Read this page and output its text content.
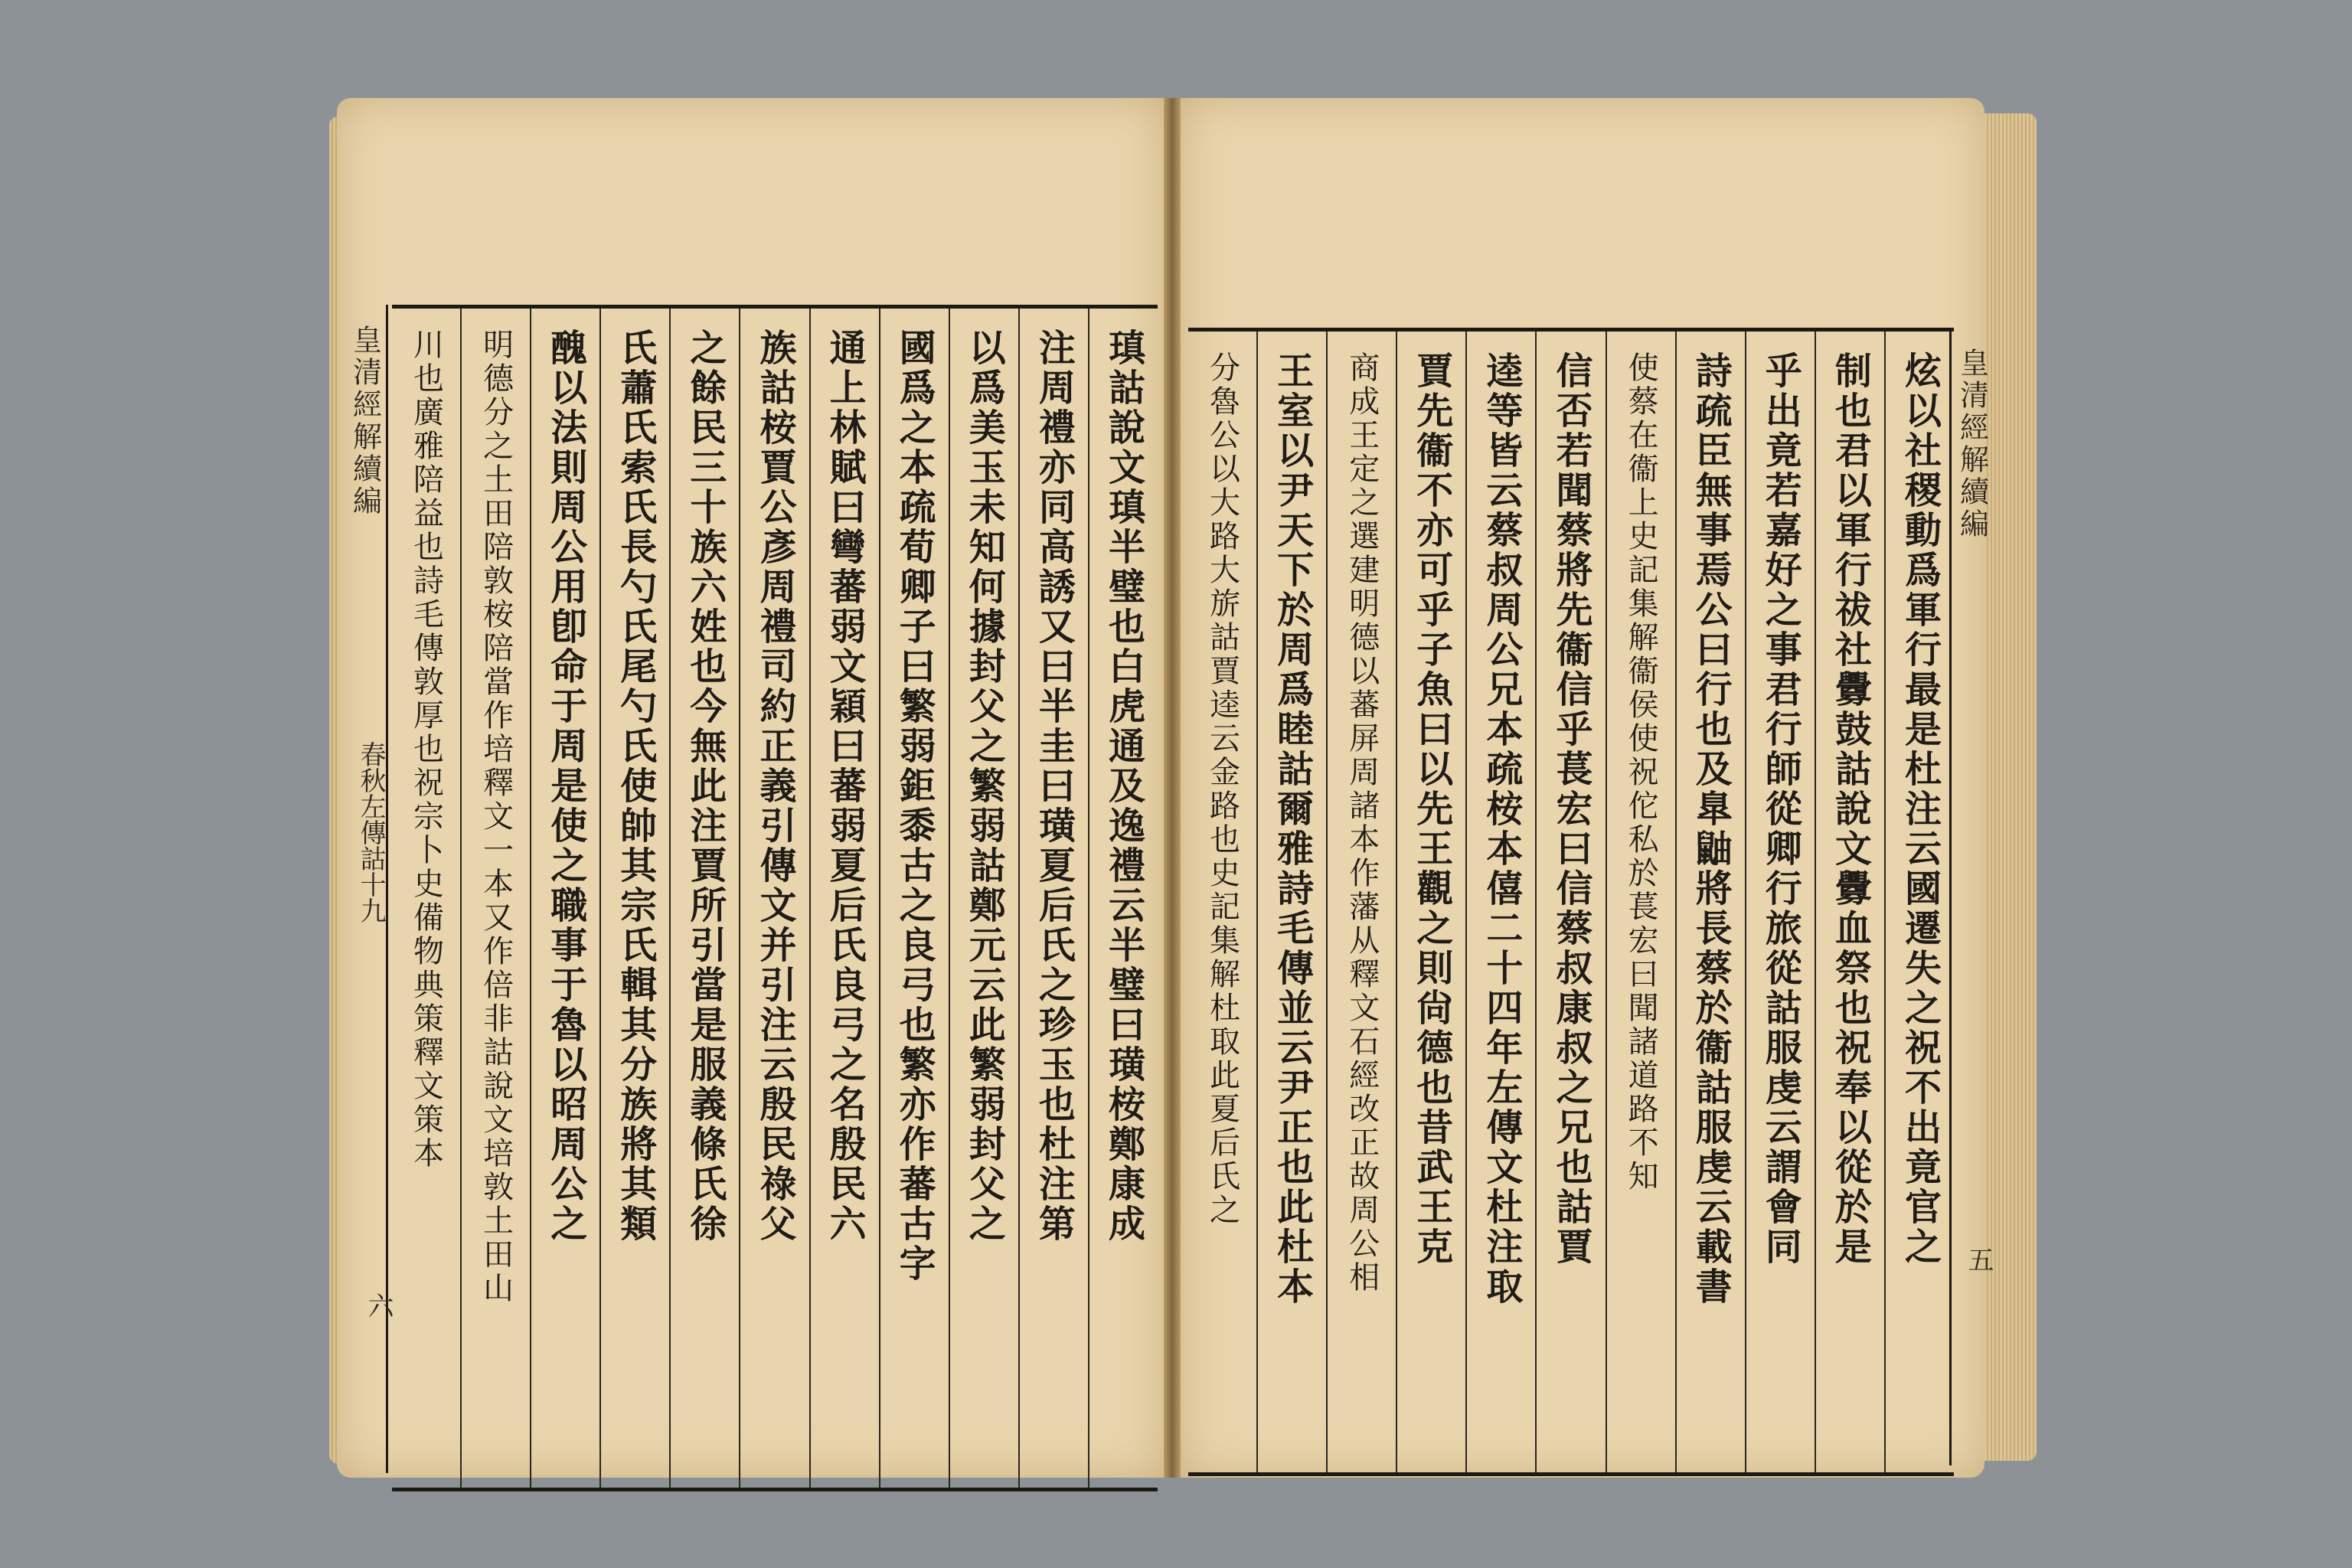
皇清經解續編
春秋左傳詁十九
六
瑱詁說文瑱半璧也白虎通及逸禮云半璧曰璜桉鄭康成
注周禮亦同高誘又曰半圭曰璜夏后氏之珍玉也杜注第
以爲美玉未知何據封父之繁弱詁鄭元云此繁弱封父之
國爲之本疏荀卿子曰繁弱鉅黍古之良弓也繁亦作蕃古字
通上林賦曰彎蕃弱文穎曰蕃弱夏后氏良弓之名殷民六
族詁桉賈公彥周禮司約正義引傳文并引注云殷民祿父
之餘民三十族六姓也今無此注賈所引當是服義條氏徐
氏蕭氏索氏長勺氏尾勺氏使帥其宗氏輯其分族將其類
醜以法則周公用卽命于周是使之職事于魯以昭周公之
明德分之土田陪敦桉陪當作培釋文一本又作倍非詁說文培敦土田山
川也廣雅陪益也詩毛傳敦厚也祝宗卜史備物典策釋文策本	炫以社稷動爲軍行最是杜注云國遷失之祝不出竟官之
制也君以軍行祓社釁鼓詁說文釁血祭也祝奉以從於是
乎出竟若嘉好之事君行師從卿行旅從詁服虔云謂會同
詩疏臣無事焉公曰行也及臯鼬將長蔡於衞詁服虔云載書
使蔡在衞上史記集解衞侯使祝佗私於萇宏曰聞諸道路不知
信否若聞蔡將先衞信乎萇宏曰信蔡叔康叔之兄也詁賈
逵等皆云蔡叔周公兄本疏桉本僖二十四年左傳文杜注取
賈先衞不亦可乎子魚曰以先王觀之則尙德也昔武王克
商成王定之選建明德以蕃屏周諸本作藩从釋文石經改正故周公相
王室以尹天下於周爲睦詁爾雅詩毛傳並云尹正也此杜本
分魯公以大路大旂詁賈逵云金路也史記集解杜取此夏后氏之	皇清經解續編
五
